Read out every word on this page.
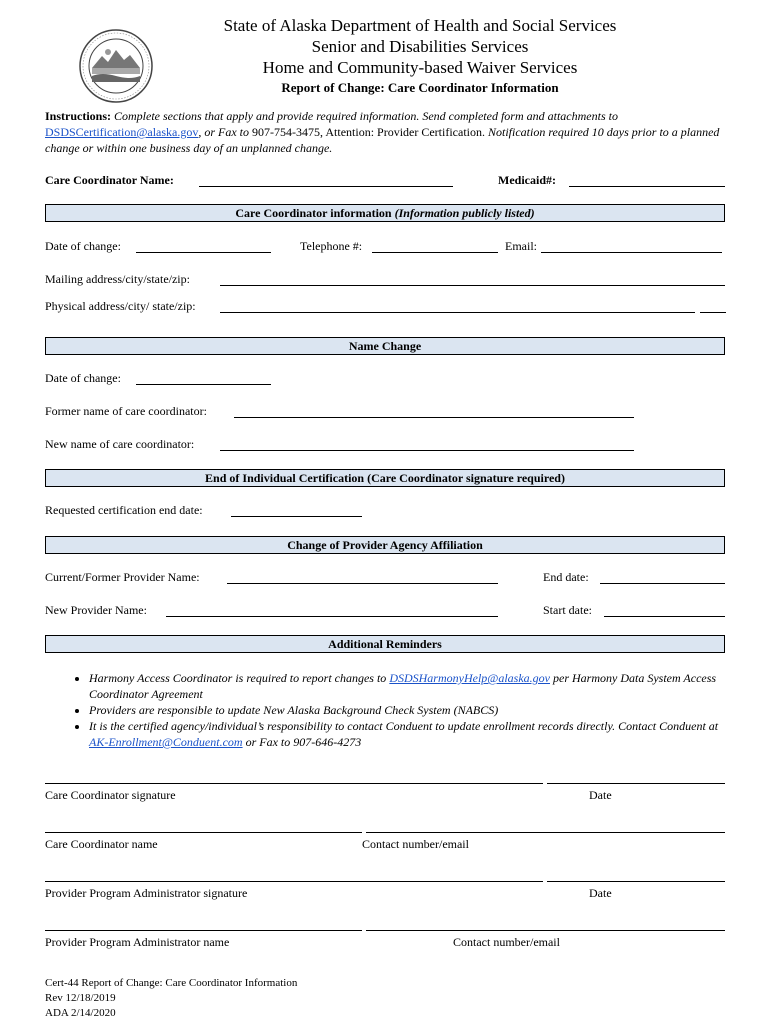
State of Alaska Department of Health and Social Services
Senior and Disabilities Services
Home and Community-based Waiver Services
Report of Change: Care Coordinator Information
Instructions: Complete sections that apply and provide required information. Send completed form and attachments to DSDSCertification@alaska.gov, or Fax to 907-754-3475, Attention: Provider Certification. Notification required 10 days prior to a planned change or within one business day of an unplanned change.
Care Coordinator Name:	Medicaid#:
Care Coordinator information (Information publicly listed)
Date of change:	Telephone #:	Email:
Mailing address/city/state/zip:
Physical address/city/ state/zip:
Name Change
Date of change:
Former name of care coordinator:
New name of care coordinator:
End of Individual Certification (Care Coordinator signature required)
Requested certification end date:
Change of Provider Agency Affiliation
Current/Former Provider Name:	End date:
New Provider Name:	Start date:
Additional Reminders
• Harmony Access Coordinator is required to report changes to DSDSHarmonyHelp@alaska.gov per Harmony Data System Access Coordinator Agreement
• Providers are responsible to update New Alaska Background Check System (NABCS)
• It is the certified agency/individual’s responsibility to contact Conduent to update enrollment records directly. Contact Conduent at AK-Enrollment@Conduent.com or Fax to 907-646-4273
Care Coordinator signature	Date
Care Coordinator name	Contact number/email
Provider Program Administrator signature	Date
Provider Program Administrator name	Contact number/email
Cert-44 Report of Change: Care Coordinator Information
Rev 12/18/2019
ADA 2/14/2020
